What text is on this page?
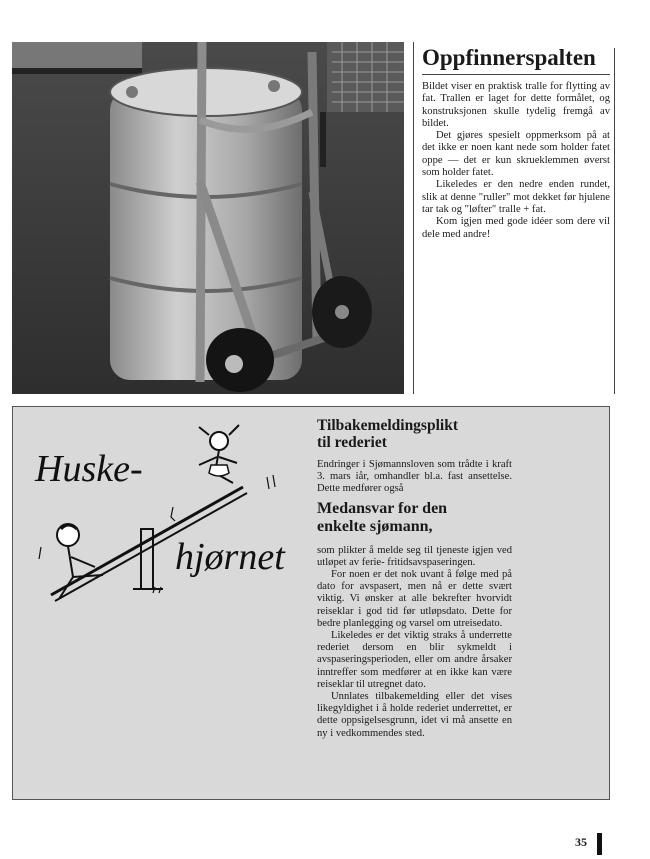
Oppfinnerspalten

Bildet viser en praktisk tralle for flytting av fat. Trallen er laget for dette formålet, og konstruksjonen skulle tydelig fremgå av bildet.

Det gjøres spesielt oppmerksom på at det ikke er noen kant nede som holder fatet oppe — det er kun skrueklemmen øverst som holder fatet.

Likeledes er den nedre enden rundet, slik at denne "ruller" mot dekket før hjulene tar tak og "løfter" tralle + fat.

Kom igjen med gode idéer som dere vil dele med andre!

Huske-
hjørnet
Tilbakemeldingsplikt
til rederiet

Endringer i Sjømannsloven som trådte i kraft 3. mars iår, omhandler bl.a. fast ansettelse. Dette medfører også

Medansvar for den
enkelte sjømann,

som plikter å melde seg til tjeneste igjen ved utløpet av ferie- fritidsavspaseringen.

For noen er det nok uvant å følge med på dato for avspasert, men nå er dette svært viktig. Vi ønsker at alle bekrefter hvorvidt reiseklar i god tid før utløpsdato. Dette for bedre planlegging og varsel om utreisedato.

Likeledes er det viktig straks å underrette rederiet dersom en blir sykmeldt i avspaseringsperioden, eller om andre årsaker inntreffer som medfører at en ikke kan være reiseklar til utregnet dato.

Unnlates tilbakemelding eller det vises likegyldighet i å holde rederiet underrettet, er dette oppsigelsesgrunn, idet vi må ansette en ny i vedkommendes sted.

35
